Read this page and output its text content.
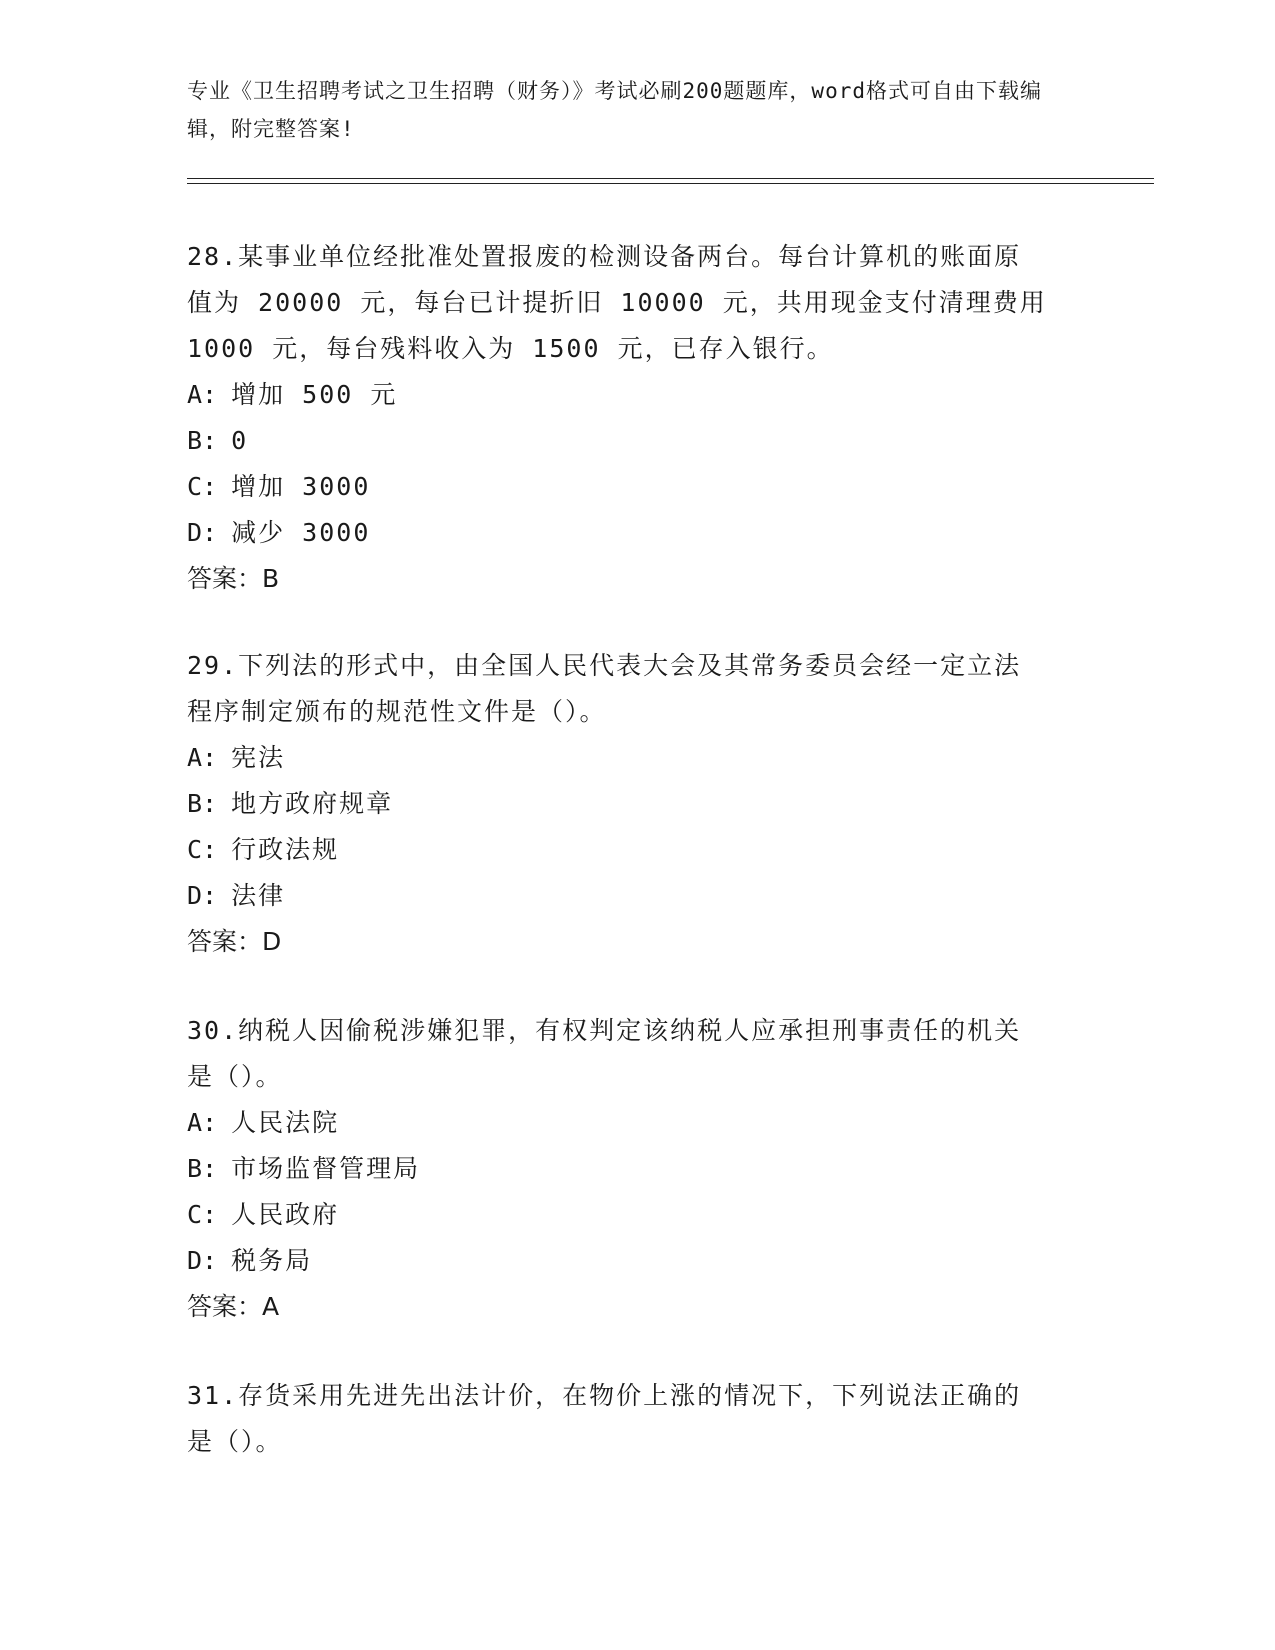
专业《卫生招聘考试之卫生招聘（财务）》考试必刷200题题库，word格式可自由下载编辑，附完整答案!
28.某事业单位经批准处置报废的检测设备两台。每台计算机的账面原
值为 20000 元，每台已计提折旧 10000 元，共用现金支付清理费用
1000 元，每台残料收入为 1500 元，已存入银行。
A: 增加 500 元
B: 0
C: 增加 3000
D: 减少 3000
答案：B
29.下列法的形式中，由全国人民代表大会及其常务委员会经一定立法
程序制定颁布的规范性文件是（）。
A: 宪法
B: 地方政府规章
C: 行政法规
D: 法律
答案：D
30.纳税人因偷税涉嫌犯罪，有权判定该纳税人应承担刑事责任的机关
是（）。
A: 人民法院
B: 市场监督管理局
C: 人民政府
D: 税务局
答案：A
31.存货采用先进先出法计价，在物价上涨的情况下，下列说法正确的
是（）。
